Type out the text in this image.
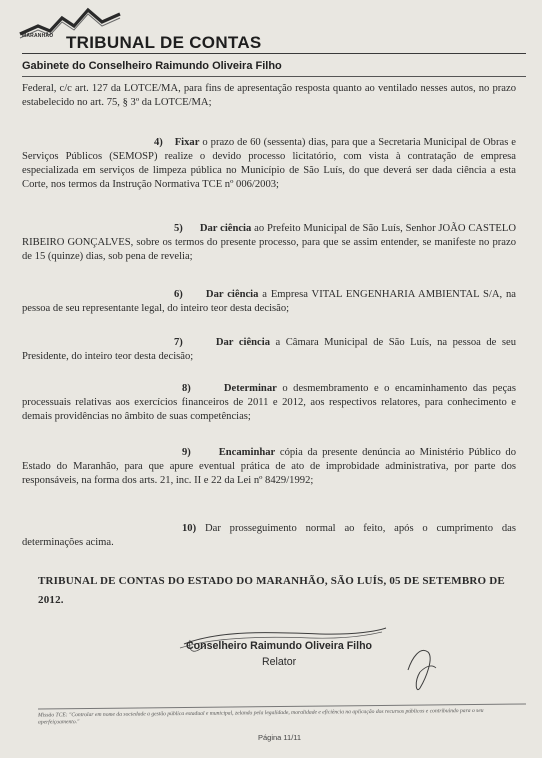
MARANHÃO TRIBUNAL DE CONTAS
Gabinete do Conselheiro Raimundo Oliveira Filho

Federal, c/c art. 127 da LOTCE/MA, para fins de apresentação resposta quanto ao ventilado nesses autos, no prazo estabelecido no art. 75, § 3º da LOTCE/MA;

4) Fixar o prazo de 60 (sessenta) dias, para que a Secretaria Municipal de Obras e Serviços Públicos (SEMOSP) realize o devido processo licitatório, com vista à contratação de empresa especializada em serviços de limpeza pública no Município de São Luís, do que deverá ser dada ciência a esta Corte, nos termos da Instrução Normativa TCE nº 006/2003;

5) Dar ciência ao Prefeito Municipal de São Luís, Senhor JOÃO CASTELO RIBEIRO GONÇALVES, sobre os termos do presente processo, para que se assim entender, se manifeste no prazo de 15 (quinze) dias, sob pena de revelia;

6) Dar ciência a Empresa VITAL ENGENHARIA AMBIENTAL S/A, na pessoa de seu representante legal, do inteiro teor desta decisão;

7)	Dar ciência a Câmara Municipal de São Luís, na pessoa de seu Presidente, do inteiro teor desta decisão;

8)	Determinar o desmembramento e o encaminhamento das peças processuais relativas aos exercícios financeiros de 2011 e 2012, aos respectivos relatores, para conhecimento e demais providências no âmbito de suas competências;

9)	Encaminhar cópia da presente denúncia ao Ministério Público do Estado do Maranhão, para que apure eventual prática de ato de improbidade administrativa, por parte dos responsáveis, na forma dos arts. 21, inc. II e 22 da Lei nº 8429/1992;

10) Dar prosseguimento normal ao feito, após o cumprimento das determinações acima.

TRIBUNAL DE CONTAS DO ESTADO DO MARANHÃO, SÃO LUÍS, 05 DE SETEMBRO DE 2012.
Conselheiro Raimundo Oliveira Filho
Relator
Missão TCE: "Controlar em nome da sociedade a gestão pública estadual e municipal, zelando pela legalidade, moralidade e eficiência na aplicação dos recursos públicos e contribuindo para o seu aperfeiçoamento."
Página 11/11
